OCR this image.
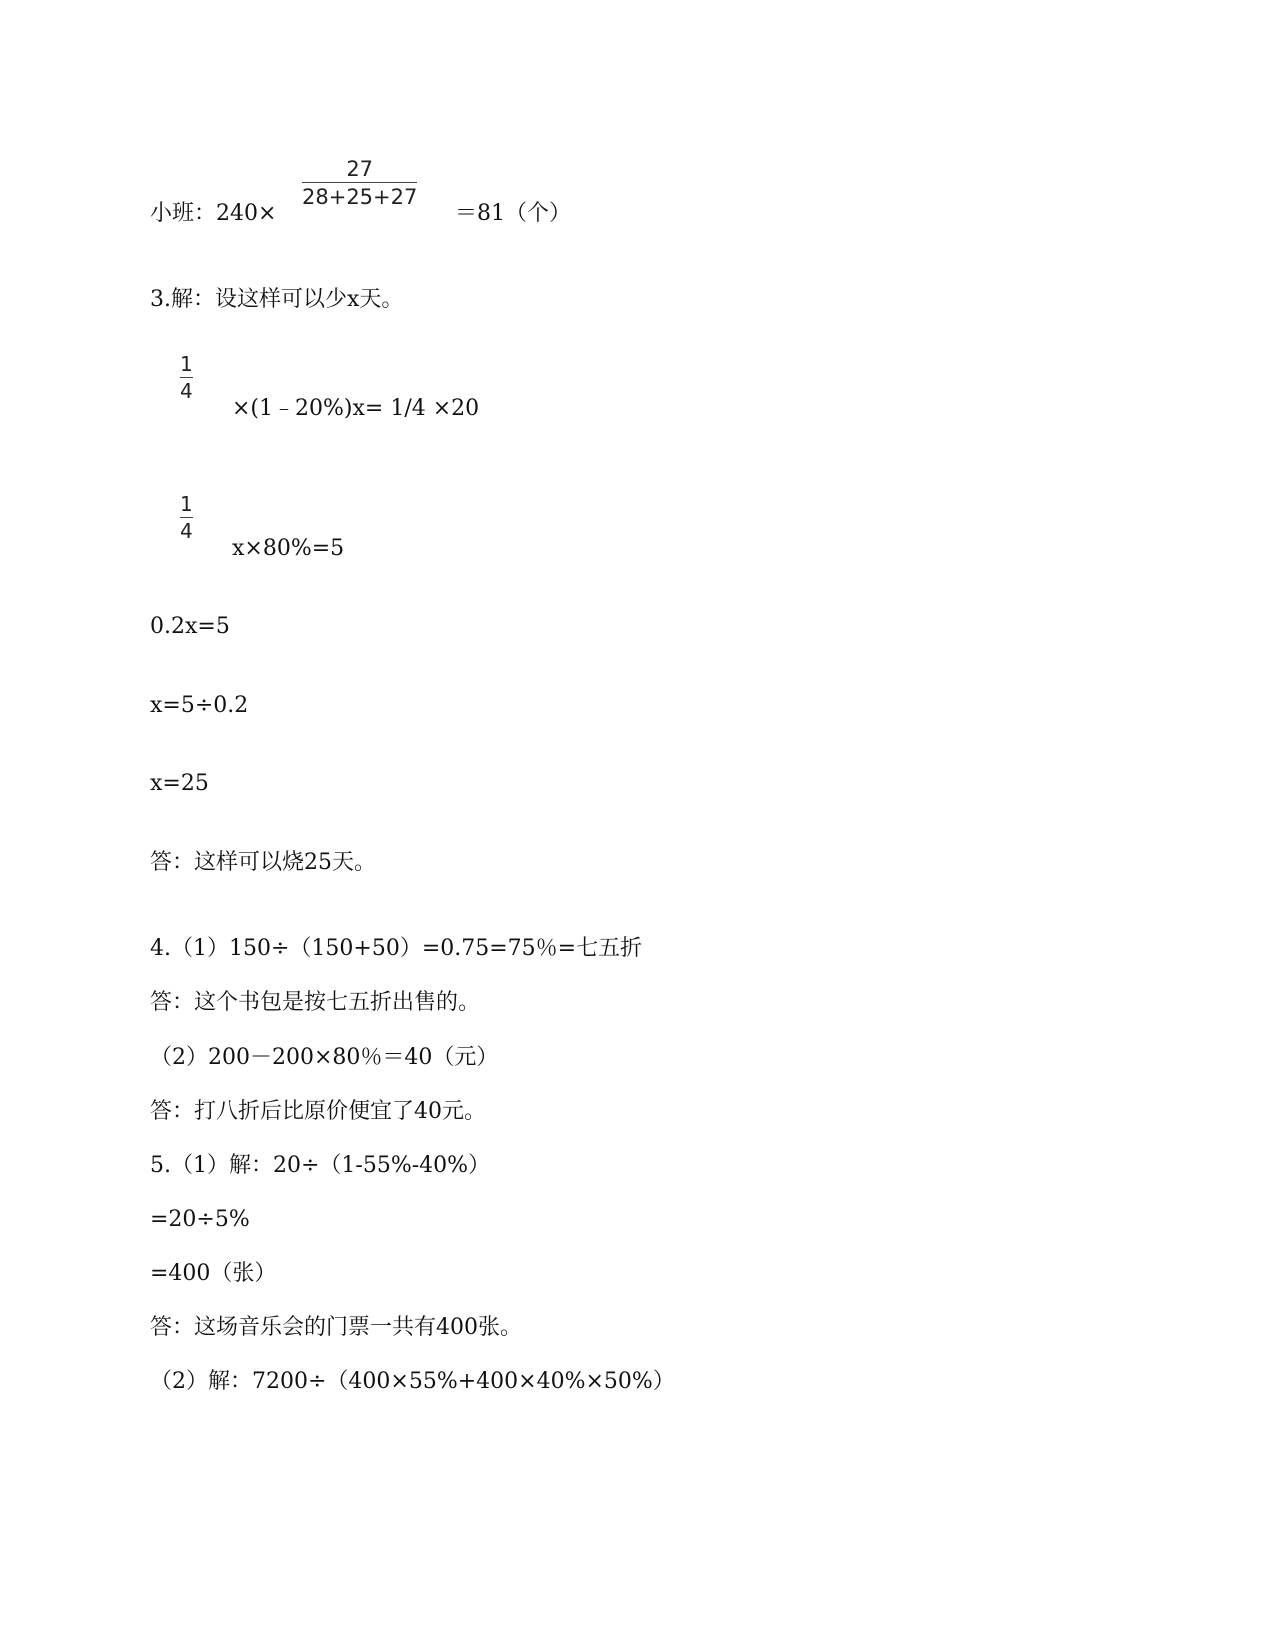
小班：240×
27
28+25+27
＝81（个）
3.解：设这样可以少x天。
1
4
×(1﹣20%)x= 1/4 ×20
1
4
x×80%=5
0.2x=5
x=5÷0.2
x=25
答：这样可以烧25天。
4.（1）150÷（150+50）=0.75=75％=七五折
答：这个书包是按七五折出售的。
（2）200－200×80％＝40（元）
答：打八折后比原价便宜了40元。
5.（1）解：20÷（1-55%-40%）
=20÷5%
=400（张）
答：这场音乐会的门票一共有400张。
（2）解：7200÷（400×55%+400×40%×50%）
